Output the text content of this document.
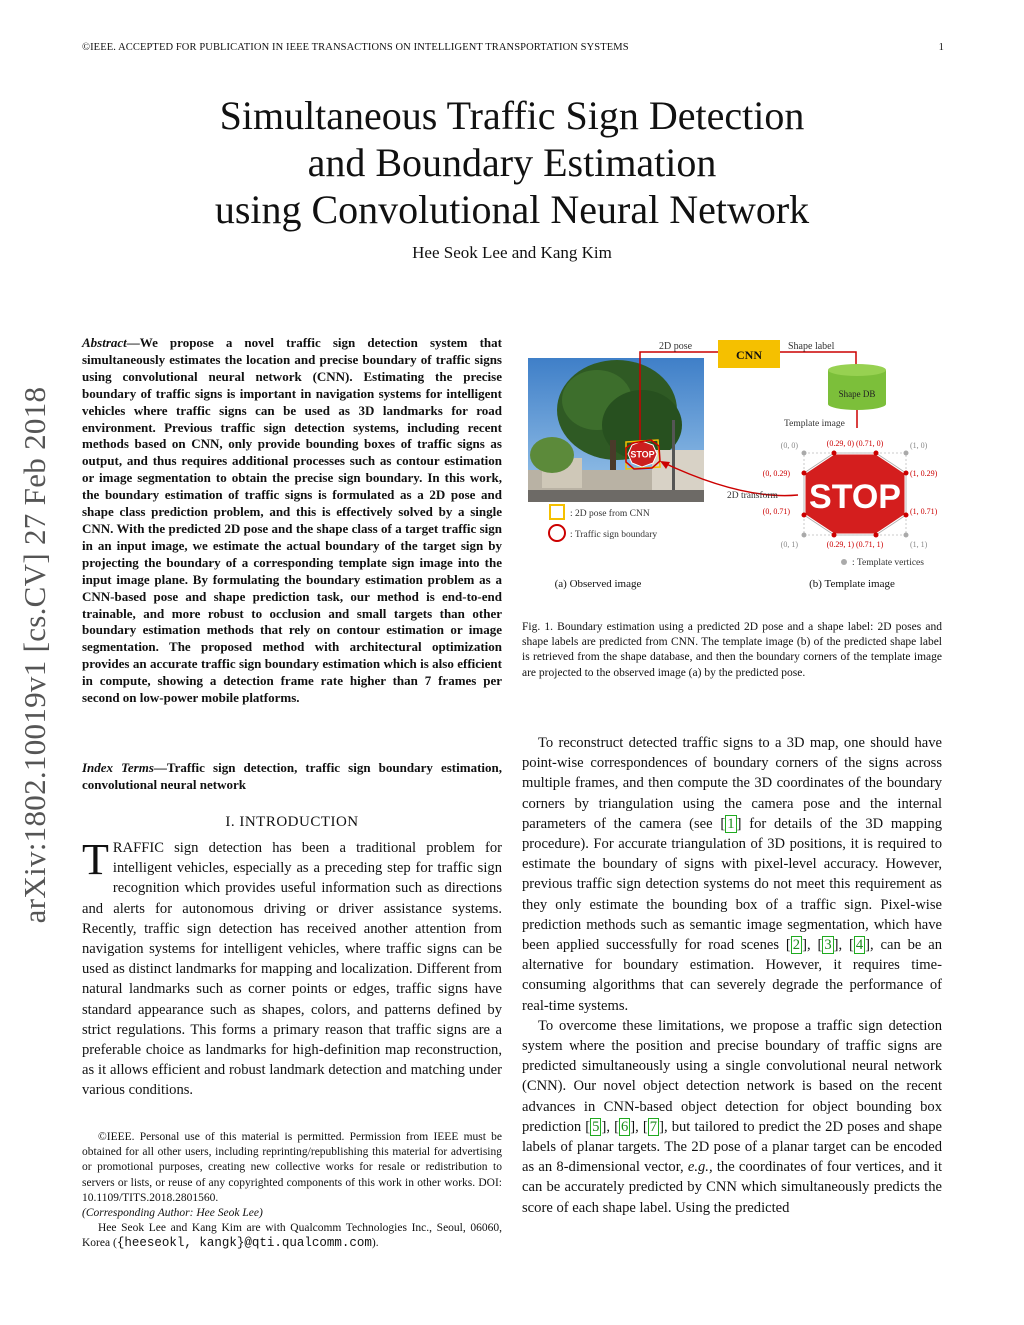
©IEEE. ACCEPTED FOR PUBLICATION IN IEEE TRANSACTIONS ON INTELLIGENT TRANSPORTATION SYSTEMS	1
Simultaneous Traffic Sign Detection
and Boundary Estimation
using Convolutional Neural Network
Hee Seok Lee and Kang Kim
arXiv:1802.10019v1 [cs.CV] 27 Feb 2018
Abstract—We propose a novel traffic sign detection system that simultaneously estimates the location and precise boundary of traffic signs using convolutional neural network (CNN). Estimating the precise boundary of traffic signs is important in navigation systems for intelligent vehicles where traffic signs can be used as 3D landmarks for road environment. Previous traffic sign detection systems, including recent methods based on CNN, only provide bounding boxes of traffic signs as output, and thus requires additional processes such as contour estimation or image segmentation to obtain the precise sign boundary. In this work, the boundary estimation of traffic signs is formulated as a 2D pose and shape class prediction problem, and this is effectively solved by a single CNN. With the predicted 2D pose and the shape class of a target traffic sign in an input image, we estimate the actual boundary of the target sign by projecting the boundary of a corresponding template sign image into the input image plane. By formulating the boundary estimation problem as a CNN-based pose and shape prediction task, our method is end-to-end trainable, and more robust to occlusion and small targets than other boundary estimation methods that rely on contour estimation or image segmentation. The proposed method with architectural optimization provides an accurate traffic sign boundary estimation which is also efficient in compute, showing a detection frame rate higher than 7 frames per second on low-power mobile platforms.
Index Terms—Traffic sign detection, traffic sign boundary estimation, convolutional neural network
I. INTRODUCTION
TRAFFIC sign detection has been a traditional problem for intelligent vehicles, especially as a preceding step for traffic sign recognition which provides useful information such as directions and alerts for autonomous driving or driver assistance systems. Recently, traffic sign detection has received another attention from navigation systems for intelligent vehicles, where traffic signs can be used as distinct landmarks for mapping and localization. Different from natural landmarks such as corner points or edges, traffic signs have standard appearance such as shapes, colors, and patterns defined by strict regulations. This forms a primary reason that traffic signs are a preferable choice as landmarks for high-definition map reconstruction, as it allows efficient and robust landmark detection and matching under various conditions.

©IEEE. Personal use of this material is permitted. Permission from IEEE must be obtained for all other users, including reprinting/republishing this material for advertising or promotional purposes, creating new collective works for resale or redistribution to servers or lists, or reuse of any copyrighted components of this work in other works. DOI: 10.1109/TITS.2018.2801560.

(Corresponding Author: Hee Seok Lee)

Hee Seok Lee and Kang Kim are with Qualcomm Technologies Inc., Seoul, 06060, Korea ({heeseokl, kangk}@qti.qualcomm.com).

STOP
2D pose
CNN
Shape label
Shape DB
Template image
STOP
(0, 0)	(1, 0)
(0.29, 0) (0.71, 0)
(0, 0.29)	(1, 0.29)
(0, 0.71)	(1, 0.71)
(0, 1)	(0.29, 1) (0.71, 1)	(1, 1)
2D transform
: 2D pose from CNN
: Traffic sign boundary
: Template vertices
(a) Observed image	(b) Template image
Fig. 1. Boundary estimation using a predicted 2D pose and a shape label: 2D poses and shape labels are predicted from CNN. The template image (b) of the predicted shape label is retrieved from the shape database, and then the boundary corners of the template image are projected to the observed image (a) by the predicted pose.

To reconstruct detected traffic signs to a 3D map, one should have point-wise correspondences of boundary corners of the signs across multiple frames, and then compute the 3D coordinates of the boundary corners by triangulation using the camera pose and the internal parameters of the camera (see [ 1 ] for details of the 3D mapping procedure). For accurate triangulation of 3D positions, it is required to estimate the boundary of signs with pixel-level accuracy. However, previous traffic sign detection systems do not meet this requirement as they only estimate the bounding box of a traffic sign. Pixel-wise prediction methods such as semantic image segmentation, which have been applied successfully for road scenes [ 2 ], [ 3 ], [ 4 ], can be an alternative for boundary estimation. However, it requires time-consuming algorithms that can severely degrade the performance of real-time systems.

To overcome these limitations, we propose a traffic sign detection system where the position and precise boundary of traffic signs are predicted simultaneously using a single convolutional neural network (CNN). Our novel object detection network is based on the recent advances in CNN-based object detection for object bounding box prediction [ 5 ], [ 6 ], [ 7 ], but tailored to predict the 2D poses and shape labels of planar targets. The 2D pose of a planar target can be encoded as an 8-dimensional vector, e.g., the coordinates of four vertices, and it can be accurately predicted by CNN which simultaneously predicts the score of each shape label. Using the predicted
